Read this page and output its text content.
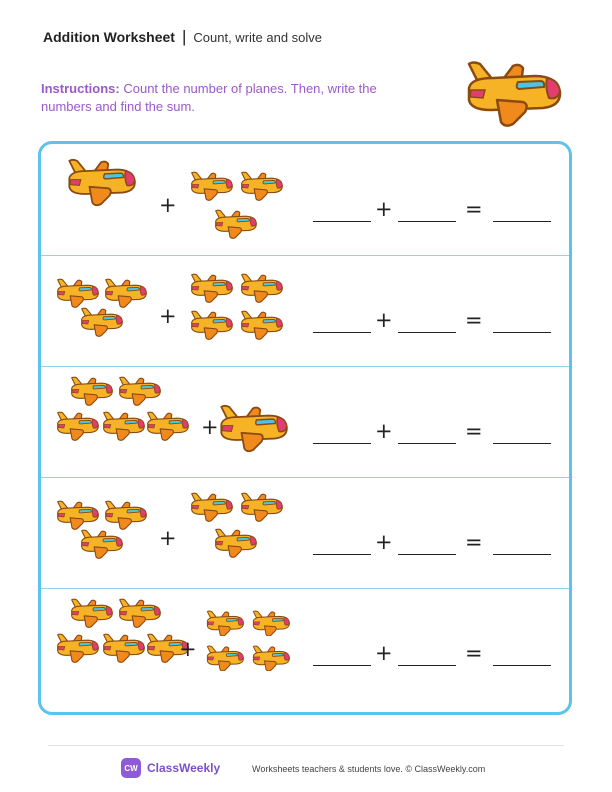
Addition Worksheet | Count, write and solve
Instructions: Count the number of planes. Then, write the numbers and find the sum.
+	+	=
+	+	=
+	+	=
+	+	=
+	+	=
CW ClassWeekly	Worksheets teachers & students love. © ClassWeekly.com
